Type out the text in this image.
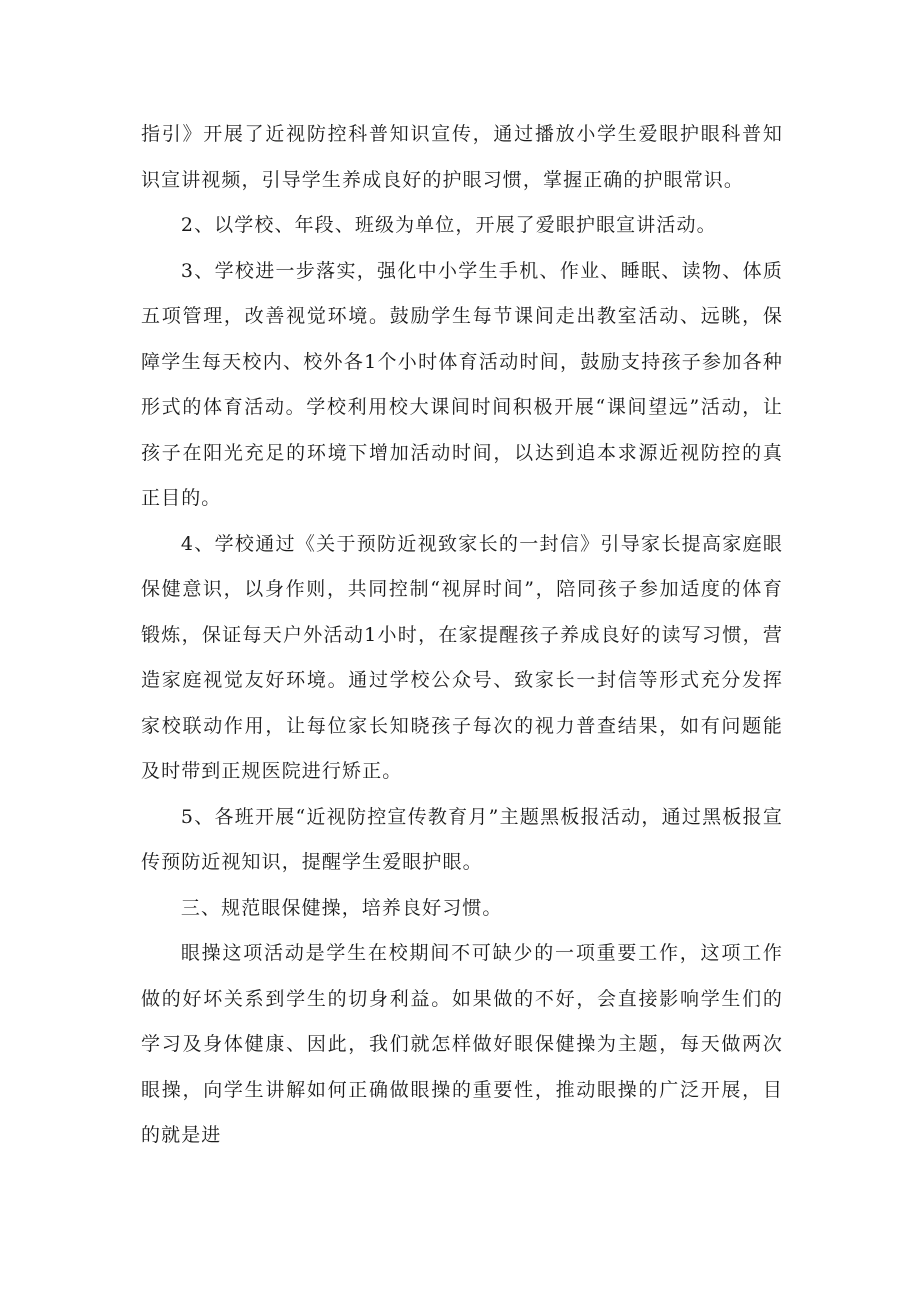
指引》开展了近视防控科普知识宣传，通过播放小学生爱眼护眼科普知识宣讲视频，引导学生养成良好的护眼习惯，掌握正确的护眼常识。

2、以学校、年段、班级为单位，开展了爱眼护眼宣讲活动。

3、学校进一步落实，强化中小学生手机、作业、睡眠、读物、体质五项管理，改善视觉环境。鼓励学生每节课间走出教室活动、远眺，保障学生每天校内、校外各1个小时体育活动时间，鼓励支持孩子参加各种形式的体育活动。学校利用校大课间时间积极开展“课间望远”活动，让孩子在阳光充足的环境下增加活动时间，以达到追本求源近视防控的真正目的。

4、学校通过《关于预防近视致家长的一封信》引导家长提高家庭眼保健意识，以身作则，共同控制“视屏时间”，陪同孩子参加适度的体育锻炼，保证每天户外活动1小时，在家提醒孩子养成良好的读写习惯，营造家庭视觉友好环境。通过学校公众号、致家长一封信等形式充分发挥家校联动作用，让每位家长知晓孩子每次的视力普查结果，如有问题能及时带到正规医院进行矫正。

5、各班开展“近视防控宣传教育月”主题黑板报活动，通过黑板报宣传预防近视知识，提醒学生爱眼护眼。

三、规范眼保健操，培养良好习惯。

眼操这项活动是学生在校期间不可缺少的一项重要工作，这项工作做的好坏关系到学生的切身利益。如果做的不好，会直接影响学生们的学习及身体健康、因此，我们就怎样做好眼保健操为主题，每天做两次眼操，向学生讲解如何正确做眼操的重要性，推动眼操的广泛开展，目的就是进
